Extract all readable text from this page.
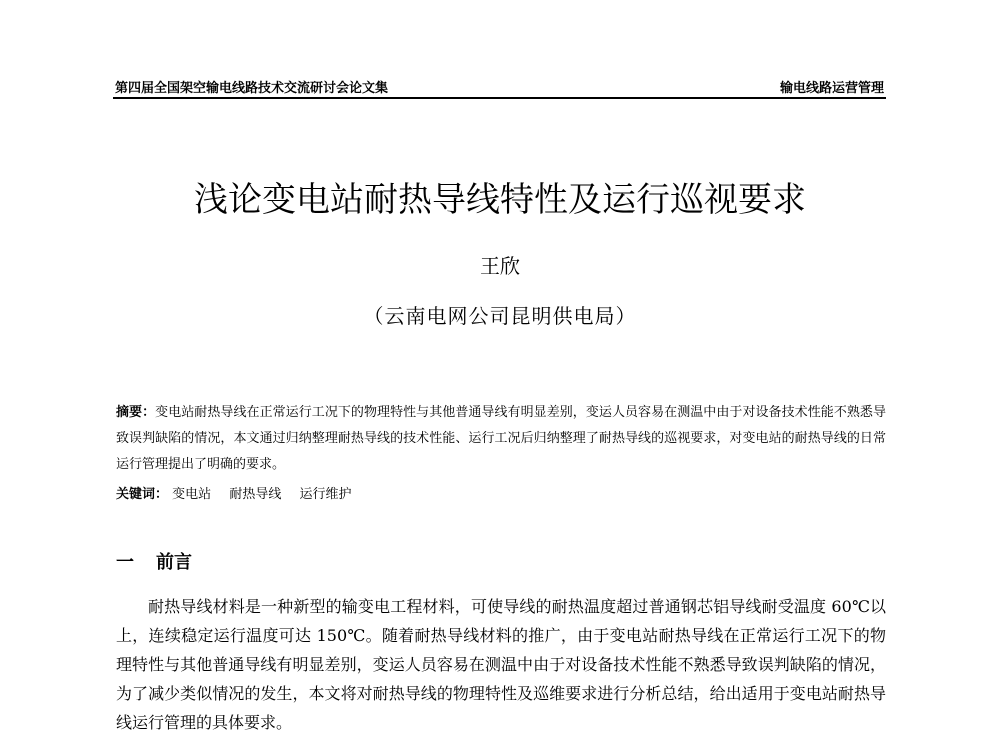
第四届全国架空输电线路技术交流研讨会论文集	输电线路运营管理
浅论变电站耐热导线特性及运行巡视要求
王欣
（云南电网公司昆明供电局）
摘要：变电站耐热导线在正常运行工况下的物理特性与其他普通导线有明显差别，变运人员容易在测温中由于对设备技术性能不熟悉导致误判缺陷的情况，本文通过归纳整理耐热导线的技术性能、运行工况后归纳整理了耐热导线的巡视要求，对变电站的耐热导线的日常运行管理提出了明确的要求。
关键词： 变电站 耐热导线 运行维护
一 前言
耐热导线材料是一种新型的输变电工程材料，可使导线的耐热温度超过普通钢芯铝导线耐受温度 60℃以上，连续稳定运行温度可达 150℃。随着耐热导线材料的推广，由于变电站耐热导线在正常运行工况下的物理特性与其他普通导线有明显差别，变运人员容易在测温中由于对设备技术性能不熟悉导致误判缺陷的情况，为了减少类似情况的发生，本文将对耐热导线的物理特性及巡维要求进行分析总结，给出适用于变电站耐热导线运行管理的具体要求。
